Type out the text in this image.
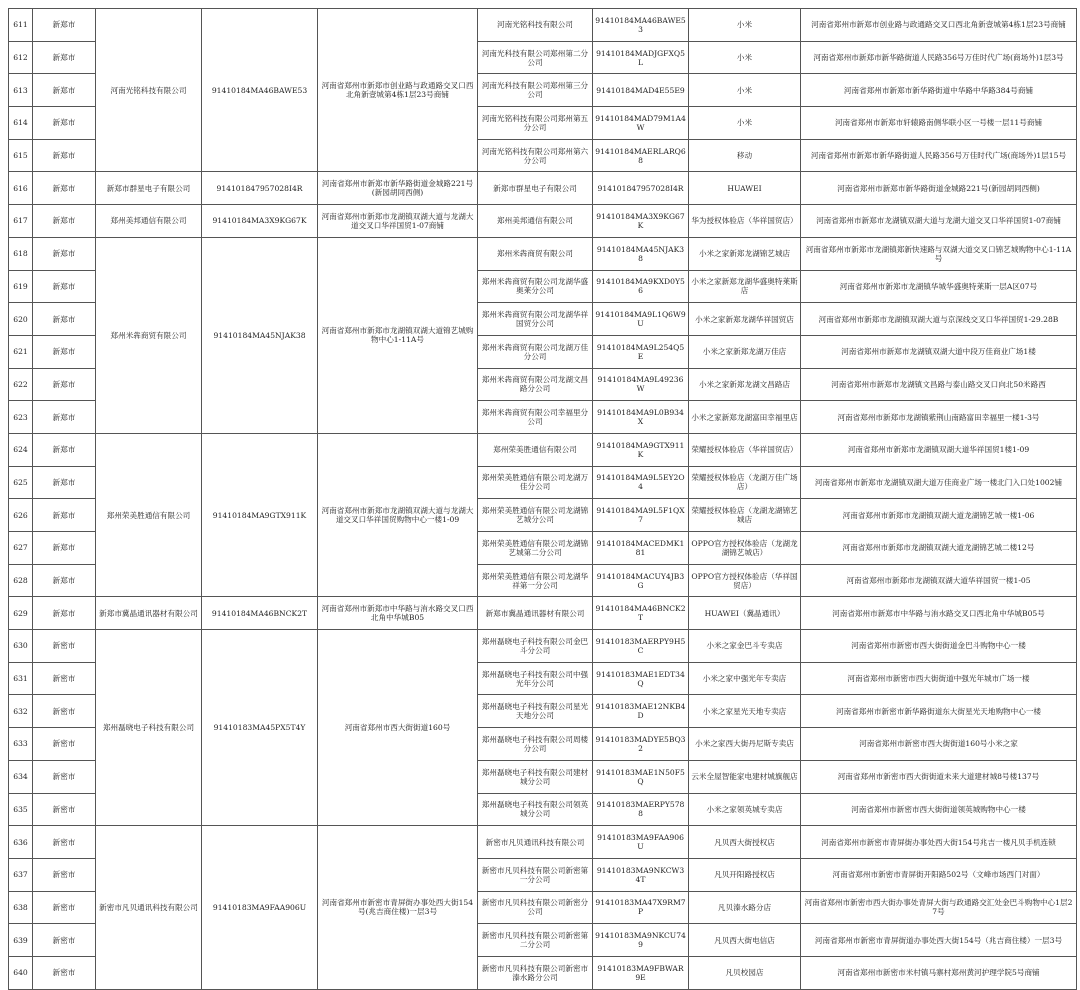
611	新郑市	河南光铭科技有限公司	91410184MA46BAWE53	河南省郑州市新郑市创业路与政通路交叉口西北角新壹城第4栋1层23号商铺	河南光铭科技有限公司	91410184MA46BAWE53	小米	河南省郑州市新郑市创业路与政通路交叉口西北角新壹城第4栋1层23号商铺
612	新郑市				河南光科技有限公司郑州第二分公司	91410184MADJGFXQ5L	小米	河南省郑州市新郑市新华路街道人民路356号万佳时代广场(商场外)1层3号
613	新郑市				河南光科技有限公司郑州第三分公司	91410184MAD4E55E9	小米	河南省郑州市新郑市新华路街道中华路中华路384号商铺
614	新郑市				河南光铭科技有限公司郑州第五分公司	91410184MAD79M1A4W	小米	河南省郑州市新郑市轩辕路南侧华联小区一号楼一层11号商铺
615	新郑市				河南光铭科技有限公司郑州第六分公司	91410184MAERLARQ68	移动	河南省郑州市新郑市新华路街道人民路356号万佳时代广场(商场外)1层15号
616	新郑市	新郑市群星电子有限公司	914101847957028I4R	河南省郑州市新郑市新华路街道金城路221号(新园胡同西侧)	新郑市群星电子有限公司	914101847957028I4R	HUAWEI	河南省郑州市新郑市新华路街道金城路221号(新园胡同西侧)
617	新郑市	郑州美邦通信有限公司	91410184MA3X9KG67K	河南省郑州市新郑市龙湖镇双湖大道与龙湖大道交叉口华祥国贸1-07商铺	郑州美邦通信有限公司	91410184MA3X9KG67K	华为授权体验店（华祥国贸店）	河南省郑州市新郑市龙湖镇双湖大道与龙湖大道交叉口华祥国贸1-07商铺
618	新郑市	郑州米犇商贸有限公司	91410184MA45NJAK38	河南省郑州市新郑市龙湖镇双湖大道锦艺城购物中心1-11A号	郑州米犇商贸有限公司	91410184MA45NJAK38	小米之家新郑龙湖锦艺城店	河南省郑州市新郑市龙湖镇郑新快速路与双湖大道交叉口锦艺城购物中心1-11A号
619	新郑市				郑州米犇商贸有限公司龙湖华盛奥莱分公司	91410184MA9KXD0Y56	小米之家新郑龙湖华盛奥特莱斯店	河南省郑州市新郑市龙湖镇华城华盛奥特莱斯一层A区07号
620	新郑市				郑州米犇商贸有限公司龙湖华祥国贸分公司	91410184MA9L1Q6W9U	小米之家新郑龙湖华祥国贸店	河南省郑州市新郑市龙湖镇双湖大道与京深线交叉口华祥国贸1-29.28B
621	新郑市				郑州米犇商贸有限公司龙湖万佳分公司	91410184MA9L254Q5E	小米之家新郑龙湖万佳店	河南省郑州市新郑市龙湖镇双湖大道中段万佳商业广场1楼
622	新郑市				郑州米犇商贸有限公司龙湖文昌路分公司	91410184MA9L49236W	小米之家新郑龙湖文昌路店	河南省郑州市新郑市龙湖镇文昌路与泰山路交叉口向北50米路西
623	新郑市				郑州米犇商贸有限公司幸福里分公司	91410184MA9L0B934X	小米之家新郑龙湖富田幸福里店	河南省郑州市新郑市龙湖镇紫荆山南路富田幸福里一楼1-3号
624	新郑市	郑州荣美胜通信有限公司	91410184MA9GTX911K	河南省郑州市新郑市龙湖镇双湖大道与龙湖大道交叉口华祥国贸购物中心一楼1-09	郑州荣美胜通信有限公司	91410184MA9GTX911K	荣耀授权体验店（华祥国贸店）	河南省郑州市新郑市龙湖镇双湖大道华祥国贸1楼1-09
625	新郑市				郑州荣美胜通信有限公司龙湖万佳分公司	91410184MA9L5EY2O4	荣耀授权体验店（龙湖万佳广场店）	河南省郑州市新郑市龙湖镇双湖大道万佳商业广场一楼北门入口处1002铺
626	新郑市				郑州荣美胜通信有限公司龙湖锦艺城分公司	91410184MA9L5F1QX7	荣耀授权体验店（龙湖龙湖锦艺城店	河南省郑州市新郑市龙湖镇双湖大道龙湖锦艺城一楼1-06
627	新郑市				郑州荣美胜通信有限公司龙湖锦艺城第二分公司	91410184MACEDMK181	OPPO官方授权体验店（龙湖龙湖锦艺城店）	河南省郑州市新郑市龙湖镇双湖大道龙湖锦艺城二楼12号
628	新郑市				郑州荣美胜通信有限公司龙湖华祥第一分公司	91410184MACUY4JB3G	OPPO官方授权体验店（华祥国贸店）	河南省郑州市新郑市龙湖镇双湖大道华祥国贸一楼1-05
629	新郑市	新郑市冀晶通讯器材有限公司	91410184MA46BNCK2T	河南省郑州市新郑市中华路与洧水路交叉口西北角中华城B05	新郑市冀晶通讯器材有限公司	91410184MA46BNCK2T	HUAWEI（冀晶通讯）	河南省郑州市新郑市中华路与洧水路交叉口西北角中华城B05号
630	新密市	郑州磊晓电子科技有限公司	91410183MA45PX5T4Y	河南省郑州市西大街街道160号	郑州磊晓电子科技有限公司金巴斗分公司	91410183MAERPY9H5C	小米之家金巴斗专卖店	河南省郑州市新密市西大街街道金巴斗购物中心一楼
631	新密市				郑州磊晓电子科技有限公司中强光年分公司	91410183MAE1EDT34Q	小米之家中强光年专卖店	河南省郑州市新密市西大街街道中强光年城市广场一楼
632	新密市				郑州磊晓电子科技有限公司星光天地分公司	91410183MAE12NKB4D	小米之家星光天地专卖店	河南省郑州市新密市新华路街道东大街星光天地购物中心一楼
633	新密市				郑州磊晓电子科技有限公司周楼分公司	91410183MADYE5BQ32	小米之家西大街丹尼斯专卖店	河南省郑州市新密市西大街街道160号小米之家
634	新密市				郑州磊晓电子科技有限公司建材城分公司	91410183MAE1N50F5Q	云米全屋智能家电建材城旗舰店	河南省郑州市新密市西大街街道未来大道建材城8号楼137号
635	新密市				郑州磊晓电子科技有限公司领英城分公司	91410183MAERPY5788	小米之家领英城专卖店	河南省郑州市新密市西大街街道领英城购物中心一楼
636	新密市	新密市凡贝通讯科技有限公司	91410183MA9FAA906U	河南省郑州市新密市青屏街办事处西大街154号(兆吉商住楼)一层3号	新密市凡贝通讯科技有限公司	91410183MA9FAA906U	凡贝西大街授权店	河南省郑州市新密市青屏街办事处西大街154号兆吉一楼凡贝手机连锁
637	新密市				新密市凡贝科技有限公司新密第一分公司	91410183MA9NKCW34T	凡贝开阳路授权店	河南省郑州市新密市青屏街开阳路502号（文峰市场西门对面）
638	新密市				新密市凡贝科技有限公司新密分公司	91410183MA47X9RM7P	凡贝溱水路分店	河南省郑州市新密市西大街办事处青屏大街与政通路交汇处金巴斗购物中心1层27号
639	新密市				新密市凡贝科技有限公司新密第二分公司	91410183MA9NKCU749	凡贝西大街电信店	河南省郑州市新密市青屏街道办事处西大街154号（兆吉商住楼）一层3号
640	新密市				新密市凡贝科技有限公司新密市溱水路分公司	91410183MA9FBWAR9E	凡贝校园店	河南省郑州市新密市米村镇马寨村郑州黄河护理学院5号商铺
